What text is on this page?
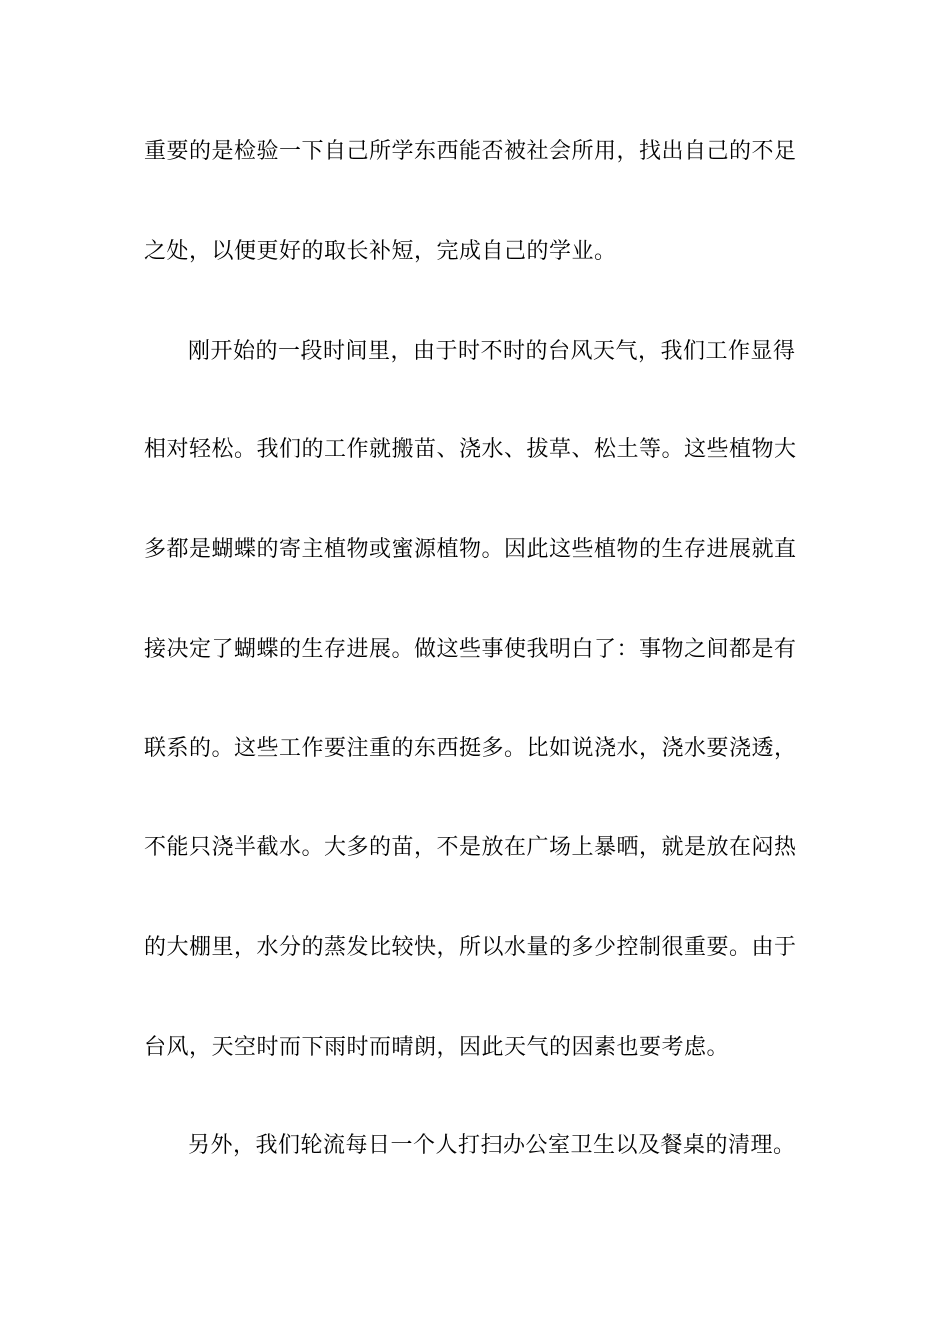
重要的是检验一下自己所学东西能否被社会所用，找出自己的不足

之处，以便更好的取长补短，完成自己的学业。

刚开始的一段时间里，由于时不时的台风天气，我们工作显得

相对轻松。我们的工作就搬苗、浇水、拔草、松土等。这些植物大

多都是蝴蝶的寄主植物或蜜源植物。因此这些植物的生存进展就直

接决定了蝴蝶的生存进展。做这些事使我明白了：事物之间都是有

联系的。这些工作要注重的东西挺多。比如说浇水，浇水要浇透，

不能只浇半截水。大多的苗，不是放在广场上暴晒，就是放在闷热

的大棚里，水分的蒸发比较快，所以水量的多少控制很重要。由于

台风，天空时而下雨时而晴朗，因此天气的因素也要考虑。

另外，我们轮流每日一个人打扫办公室卫生以及餐桌的清理。
